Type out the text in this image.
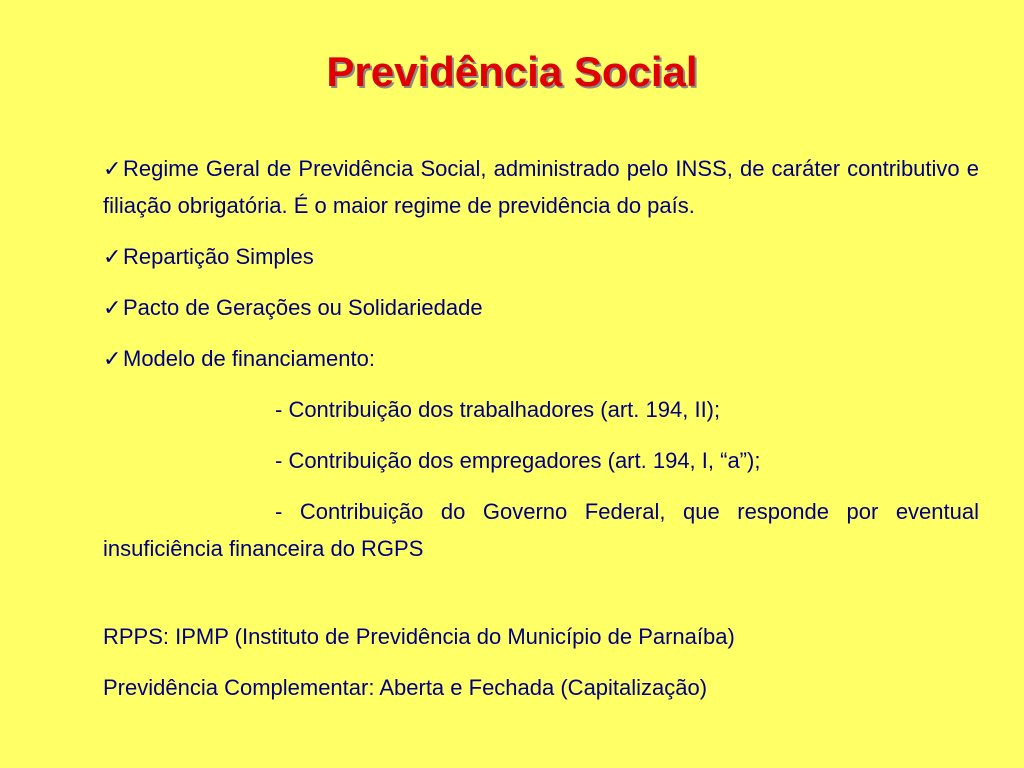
Previdência Social

✓Regime Geral de Previdência Social, administrado pelo INSS, de caráter contributivo e filiação obrigatória. É o maior regime de previdência do país.

✓Repartição Simples

✓Pacto de Gerações ou Solidariedade

✓Modelo de financiamento:

- Contribuição dos trabalhadores (art. 194, II);

- Contribuição dos empregadores (art. 194, I, “a”);

- Contribuição do Governo Federal, que responde por eventual insuficiência financeira do RGPS

RPPS: IPMP (Instituto de Previdência do Município de Parnaíba)

Previdência Complementar: Aberta e Fechada (Capitalização)
